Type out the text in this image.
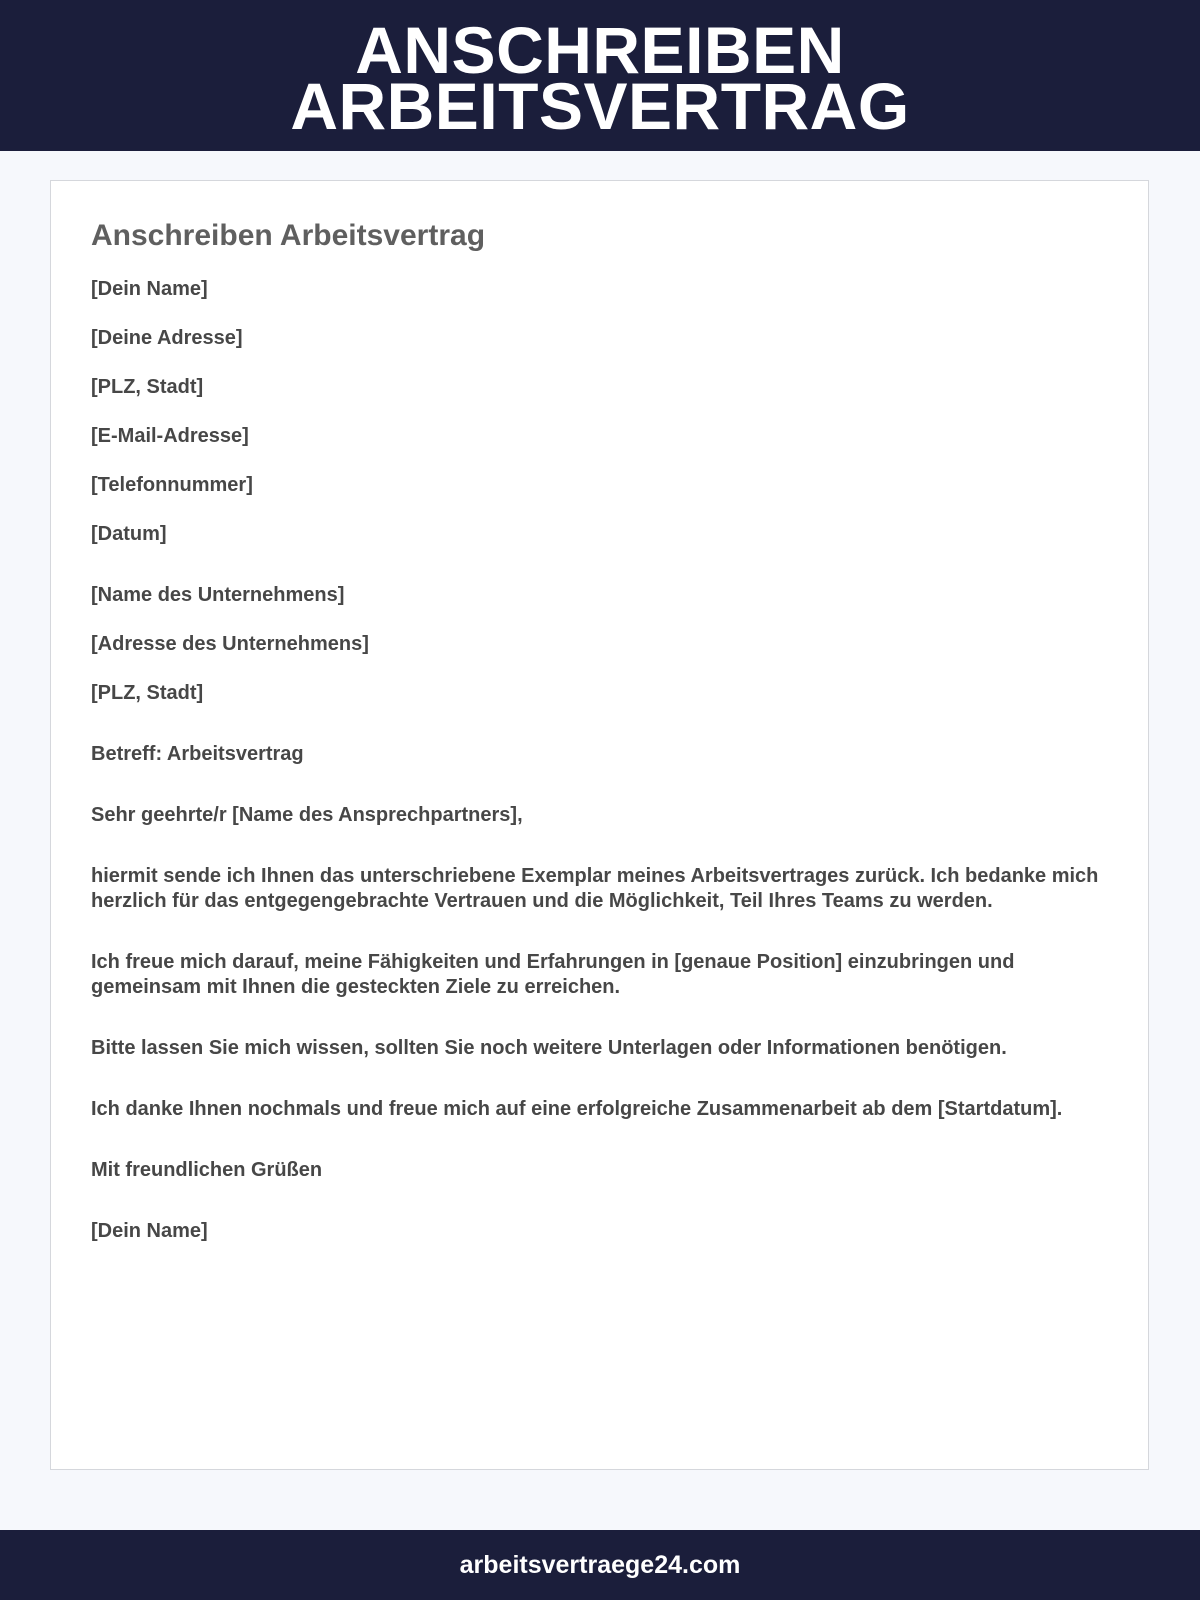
ANSCHREIBEN
ARBEITSVERTRAG
Anschreiben Arbeitsvertrag

[Dein Name]

[Deine Adresse]

[PLZ, Stadt]

[E-Mail-Adresse]

[Telefonnummer]

[Datum]

[Name des Unternehmens]

[Adresse des Unternehmens]

[PLZ, Stadt]

Betreff: Arbeitsvertrag

Sehr geehrte/r [Name des Ansprechpartners],

hiermit sende ich Ihnen das unterschriebene Exemplar meines Arbeitsvertrages zurück. Ich bedanke mich herzlich für das entgegengebrachte Vertrauen und die Möglichkeit, Teil Ihres Teams zu werden.

Ich freue mich darauf, meine Fähigkeiten und Erfahrungen in [genaue Position] einzubringen und gemeinsam mit Ihnen die gesteckten Ziele zu erreichen.

Bitte lassen Sie mich wissen, sollten Sie noch weitere Unterlagen oder Informationen benötigen.

Ich danke Ihnen nochmals und freue mich auf eine erfolgreiche Zusammenarbeit ab dem [Startdatum].

Mit freundlichen Grüßen

[Dein Name]

arbeitsvertraege24.com
